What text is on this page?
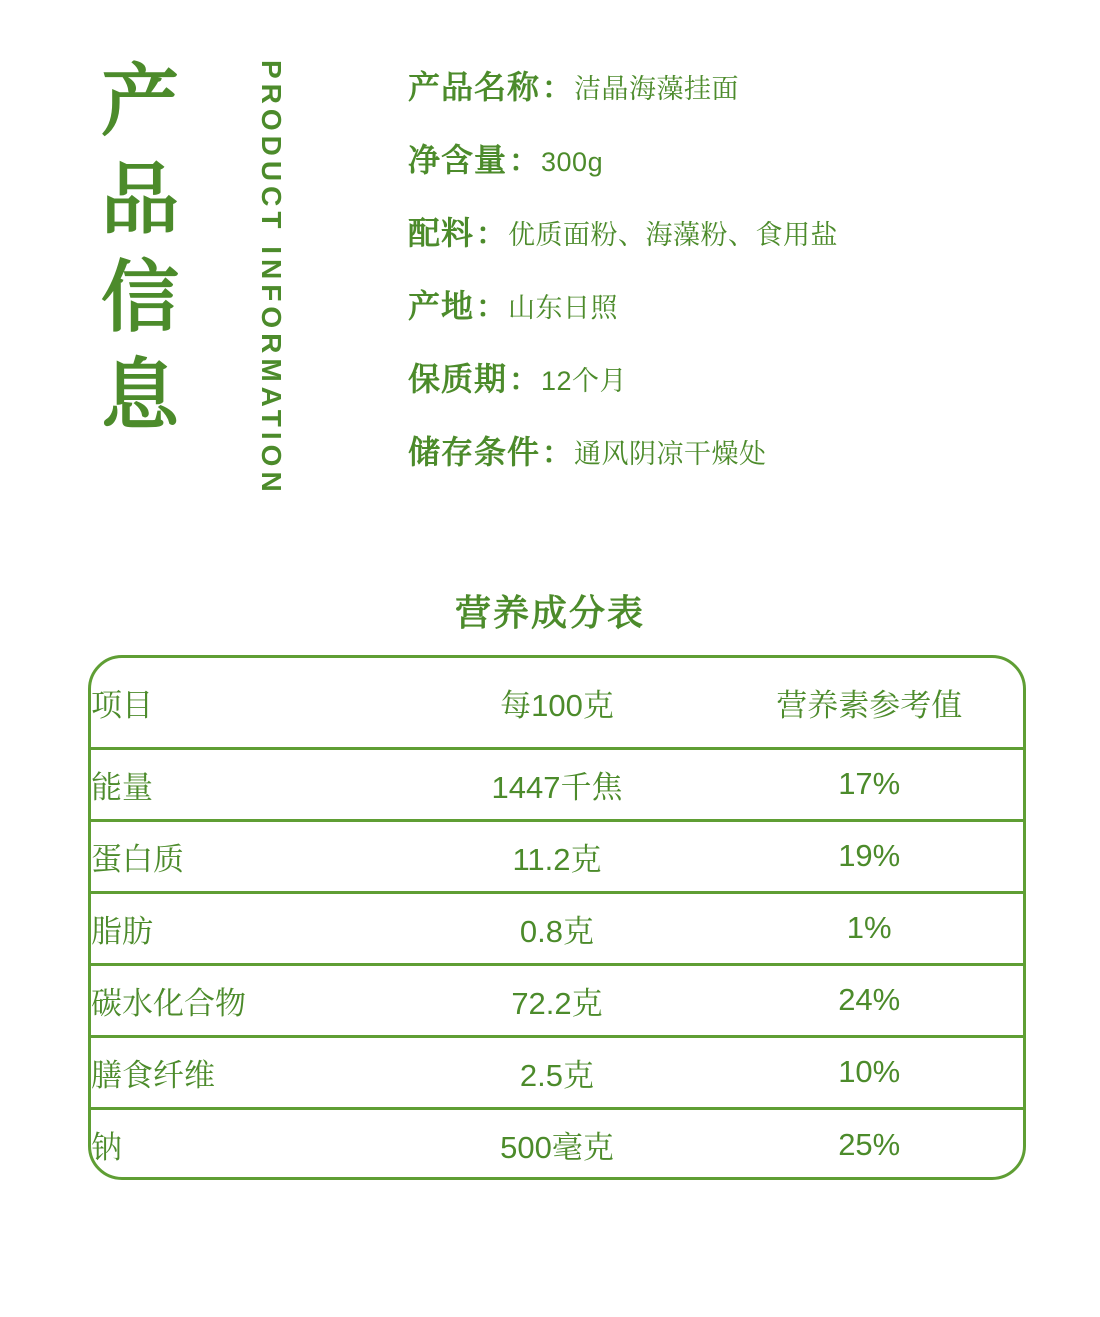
产品信息	PRODUCT INFORMATION	产品名称 ： 洁晶海藻挂面
净含量 ： 300g
配料 ： 优质面粉、海藻粉、食用盐
产地 ： 山东日照
保质期 ： 12个月
储存条件 ： 通风阴凉干燥处
营养成分表
项目	每100克	营养素参考值
能量	1447千焦	17%
蛋白质	11.2克	19%
脂肪	0.8克	1%
碳水化合物	72.2克	24%
膳食纤维	2.5克	10%
钠	500毫克	25%
